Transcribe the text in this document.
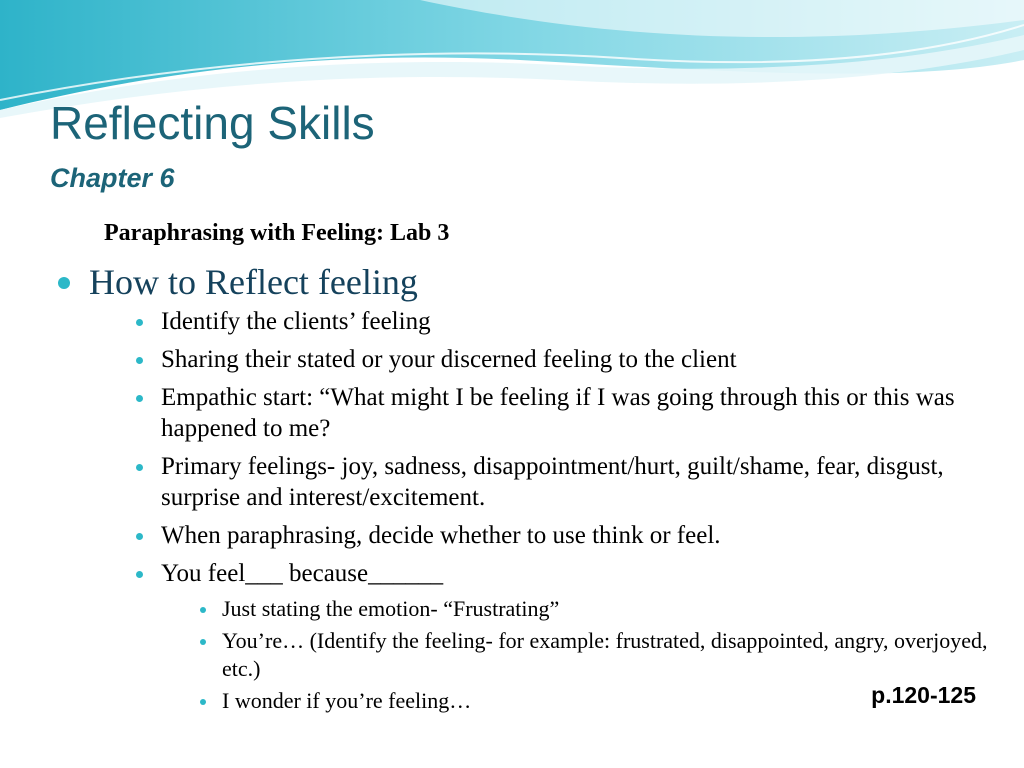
Reflecting Skills
Chapter 6
Paraphrasing with Feeling: Lab 3
How to Reflect feeling
Identify the clients’ feeling
Sharing their stated or your discerned feeling to the client
Empathic start: “What might I be feeling if I was going through this or this was happened to me?
Primary feelings- joy, sadness, disappointment/hurt, guilt/shame, fear, disgust, surprise and interest/excitement.
When paraphrasing, decide whether to use think or feel.
You feel___ because______
Just stating the emotion- “Frustrating”
You’re… (Identify the feeling- for example: frustrated, disappointed, angry, overjoyed, etc.)
I wonder if you’re feeling…	p.120-125
